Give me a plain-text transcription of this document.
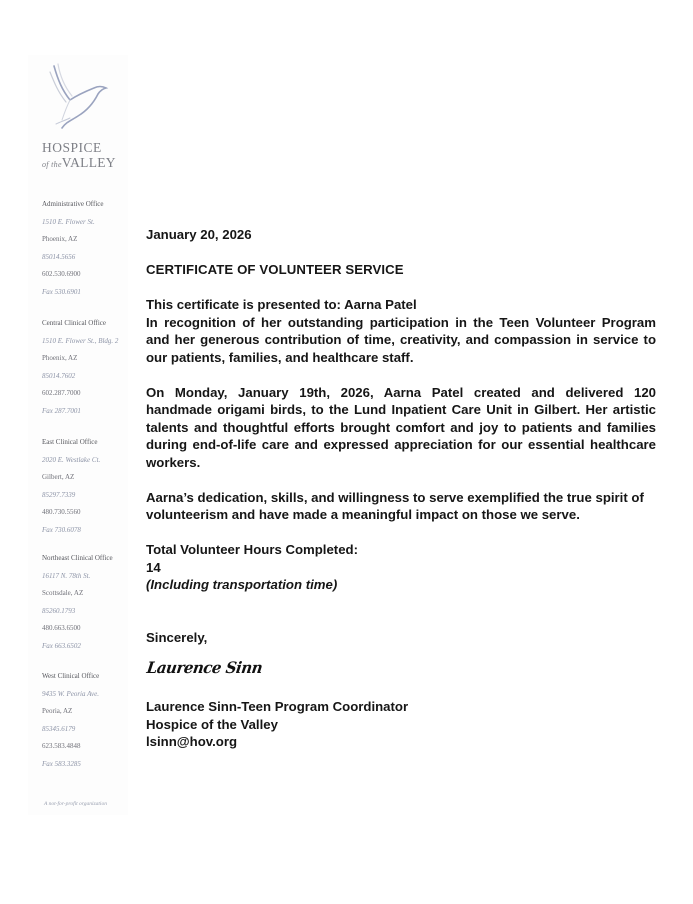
HOSPICE
of theVALLEY
Administrative Office
1510 E. Flower St.
Phoenix, AZ
85014.5656
602.530.6900
Fax 530.6901
Central Clinical Office
1510 E. Flower St., Bldg. 2
Phoenix, AZ
85014.7602
602.287.7000
Fax 287.7001
East Clinical Office
2020 E. Westlake Ct.
Gilbert, AZ
85297.7339
480.730.5560
Fax 730.6078
Northeast Clinical Office
16117 N. 78th St.
Scottsdale, AZ
85260.1793
480.663.6500
Fax 663.6502
West Clinical Office
9435 W. Peoria Ave.
Peoria, AZ
85345.6179
623.583.4848
Fax 583.3285
A not-for-profit organization

January 20, 2026

CERTIFICATE OF VOLUNTEER SERVICE

This certificate is presented to: Aarna Patel

In recognition of her outstanding participation in the Teen Volunteer Program and her generous contribution of time, creativity, and compassion in service to our patients, families, and healthcare staff.

On Monday, January 19th, 2026, Aarna Patel created and delivered 120 handmade origami birds, to the Lund Inpatient Care Unit in Gilbert. Her artistic talents and thoughtful efforts brought comfort and joy to patients and families during end-of-life care and expressed appreciation for our essential healthcare workers.

Aarna’s dedication, skills, and willingness to serve exemplified the true spirit of volunteerism and have made a meaningful impact on those we serve.

Total Volunteer Hours Completed:

14

(Including transportation time)

Sincerely,

Laurence Sinn

Laurence Sinn-Teen Program Coordinator

Hospice of the Valley

lsinn@hov.org
